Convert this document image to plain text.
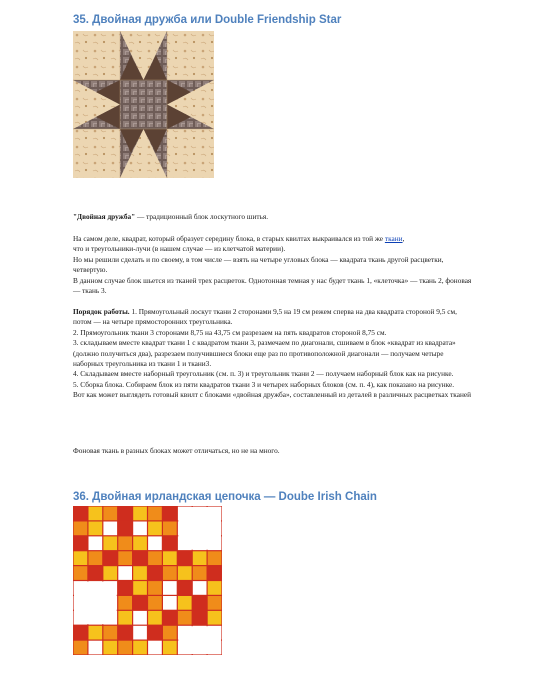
35. Двойная дружба или Double Friendship Star

"Двойная дружба" — традиционный блок лоскутного шитья.

На самом деле, квадрат, который образует середину блока, в старых квилтах выкраивался из той же ткани,

что и треугольники-лучи (в нашем случае — из клетчатой материи).

Но мы решили сделать и по своему, в том числе — взять на четыре угловых блока — квадрата ткань другой расцветки, четвертую.

В данном случае блок шьется из тканей трех расцветок. Однотонная темная у нас будет ткань 1, «клеточка» — ткань 2, фоновая — ткань 3.

Порядок работы. 1. Прямоугольный лоскут ткани 2 сторонами 9,5 на 19 см режем сперва на два квадрата стороной 9,5 см, потом — на четыре прямосторонних треугольника.

2. Прямоугольник ткани 3 сторонами 8,75 на 43,75 см разрезаем на пять квадратов стороной 8,75 см.

3. складываем вместе квадрат ткани 1 с квадратом ткани 3, размечаем по диагонали, сшиваем в блок «квадрат из квадрата» (должно получиться два), разрезаем получившиеся блоки еще раз по противоположной диагонали — получаем четыре наборных треугольника из ткани 1 и ткани3.

4. Складываем вместе наборный треугольник (см. п. 3) и треугольник ткани 2 — получаем наборный блок как на рисунке.

5. Сборка блока. Собираем блок из пяти квадратов ткани 3 и четырех наборных блоков (см. п. 4), как показано на рисунке.

Вот как может выглядеть готовый квилт с блоками «двойная дружба», составленный из деталей в различных расцветках тканей

Фоновая ткань в разных блоках может отличаться, но не на много.

36. Двойная ирландская цепочка — Doube Irish Chain
